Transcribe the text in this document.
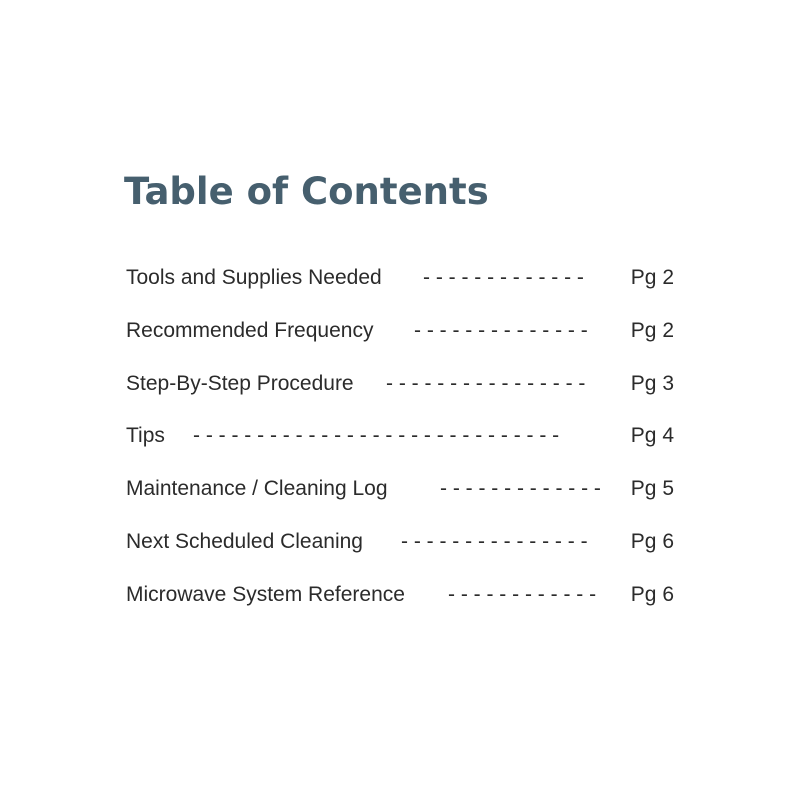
Table of Contents
Tools and Supplies Needed - - - - - - - - - - - - - Pg 2
Recommended Frequency - - - - - - - - - - - - - - Pg 2
Step-By-Step Procedure - - - - - - - - - - - - - - - - Pg 3
Tips - - - - - - - - - - - - - - - - - - - - - - - - - - - - -	Pg 4
Maintenance / Cleaning Log - - - - - - - - - - - - - Pg 5
Next Scheduled Cleaning - - - - - - - - - - - - - - - Pg 6
Microwave System Reference - - - - - - - - - - - - Pg 6
